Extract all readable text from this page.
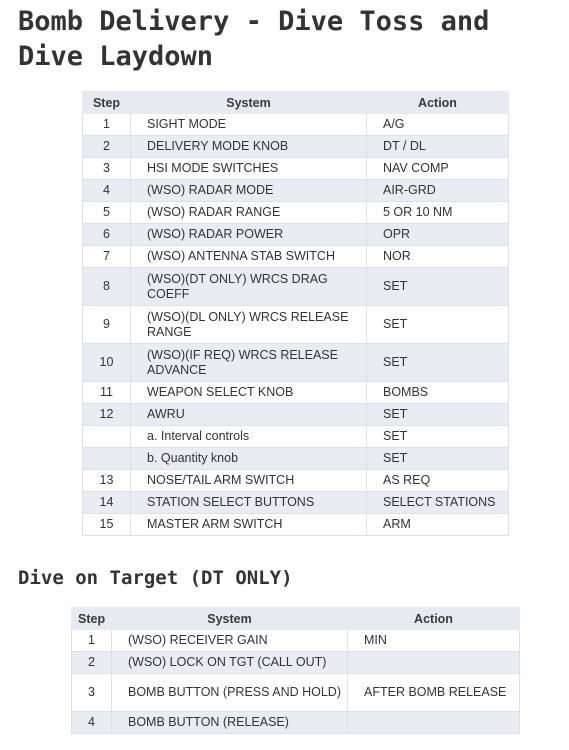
Bomb Delivery - Dive Toss and Dive Laydown
Step	System	Action
1	SIGHT MODE	A/G
2	DELIVERY MODE KNOB	DT / DL
3	HSI MODE SWITCHES	NAV COMP
4	(WSO) RADAR MODE	AIR-GRD
5	(WSO) RADAR RANGE	5 OR 10 NM
6	(WSO) RADAR POWER	OPR
7	(WSO) ANTENNA STAB SWITCH	NOR
8	(WSO)(DT ONLY) WRCS DRAG COEFF	SET
9	(WSO)(DL ONLY) WRCS RELEASE RANGE	SET
10	(WSO)(IF REQ) WRCS RELEASE ADVANCE	SET
11	WEAPON SELECT KNOB	BOMBS
12	AWRU	SET
	a. Interval controls	SET
	b. Quantity knob	SET
13	NOSE/TAIL ARM SWITCH	AS REQ
14	STATION SELECT BUTTONS	SELECT STATIONS
15	MASTER ARM SWITCH	ARM
Dive on Target (DT ONLY)
Step	System	Action
1	(WSO) RECEIVER GAIN	MIN
2	(WSO) LOCK ON TGT (CALL OUT)	
3	BOMB BUTTON (PRESS AND HOLD)	AFTER BOMB RELEASE
4	BOMB BUTTON (RELEASE)	
